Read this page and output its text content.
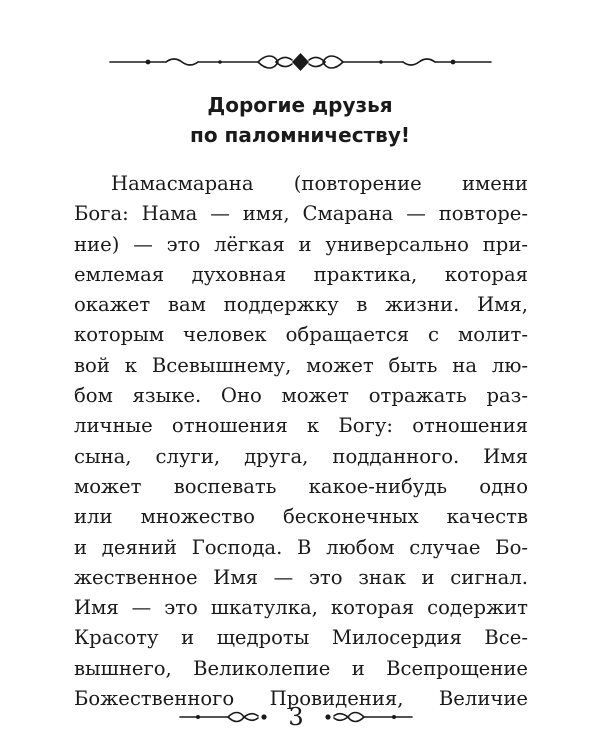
Дорогие друзья
по паломничеству!
Намасмарана (повторение имени
Бога: Нама — имя, Смарана — повторе-
ние) — это лёгкая и универсально при-
емлемая духовная практика, которая
окажет вам поддержку в жизни. Имя,
которым человек обращается с молит-
вой к Всевышнему, может быть на лю-
бом языке. Оно может отражать раз-
личные отношения к Богу: отношения
сына, слуги, друга, подданного. Имя
может воспевать какое-нибудь одно
или множество бесконечных качеств
и деяний Господа. В любом случае Бо-
жественное Имя — это знак и сигнал.
Имя — это шкатулка, которая содержит
Красоту и щедроты Милосердия Все-
вышнего, Великолепие и Всепрощение
Божественного Провидения, Величие
3
